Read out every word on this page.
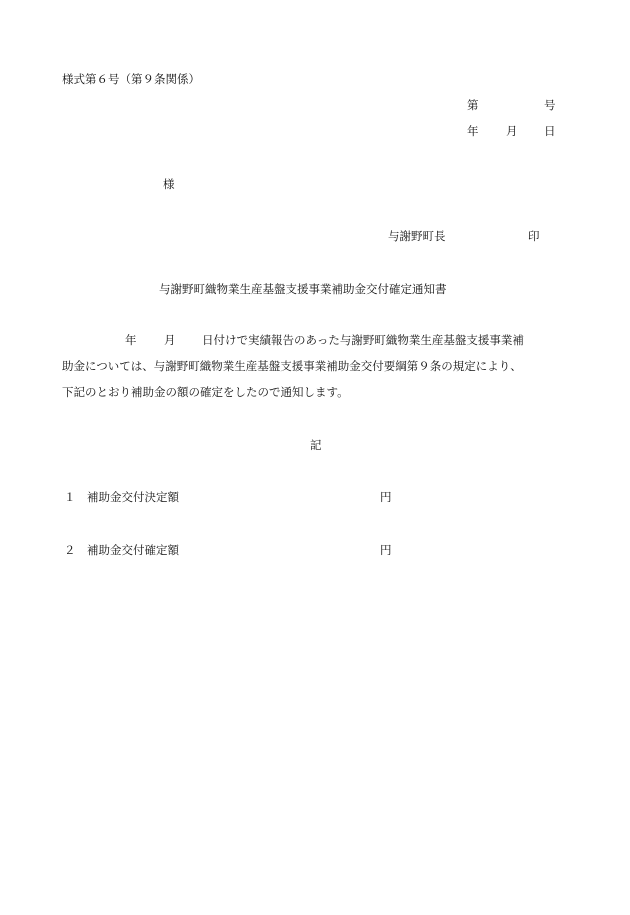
様式第６号（第９条関係）
第	号
年 月 日
様
与謝野町長	印
与謝野町織物業生産基盤支援事業補助金交付確定通知書
年 月 日付けで実績報告のあった与謝野町織物業生産基盤支援事業補
助金については、与謝野町織物業生産基盤支援事業補助金交付要綱第９条の規定により、
下記のとおり補助金の額の確定をしたので通知します。
記
１ 補助金交付決定額	円
２ 補助金交付確定額	円
